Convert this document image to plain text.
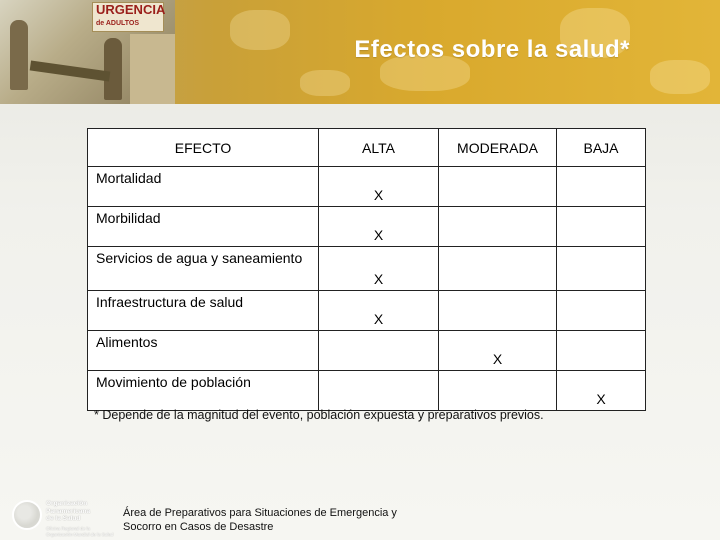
URGENCIA
de ADULTOS
Efectos sobre la salud*
EFECTO	ALTA	MODERADA	BAJA
Mortalidad	X		
Morbilidad	X		
Servicios de agua y saneamiento	X		
Infraestructura de salud	X		
Alimentos		X	
Movimiento de población			X
* Depende de la magnitud del evento, población expuesta y preparativos previos.
Organización
Panamericana
de la Salud
Oficina Regional de la
Organización Mundial de la Salud
Área de Preparativos para Situaciones de Emergencia y
Socorro en Casos de Desastre
